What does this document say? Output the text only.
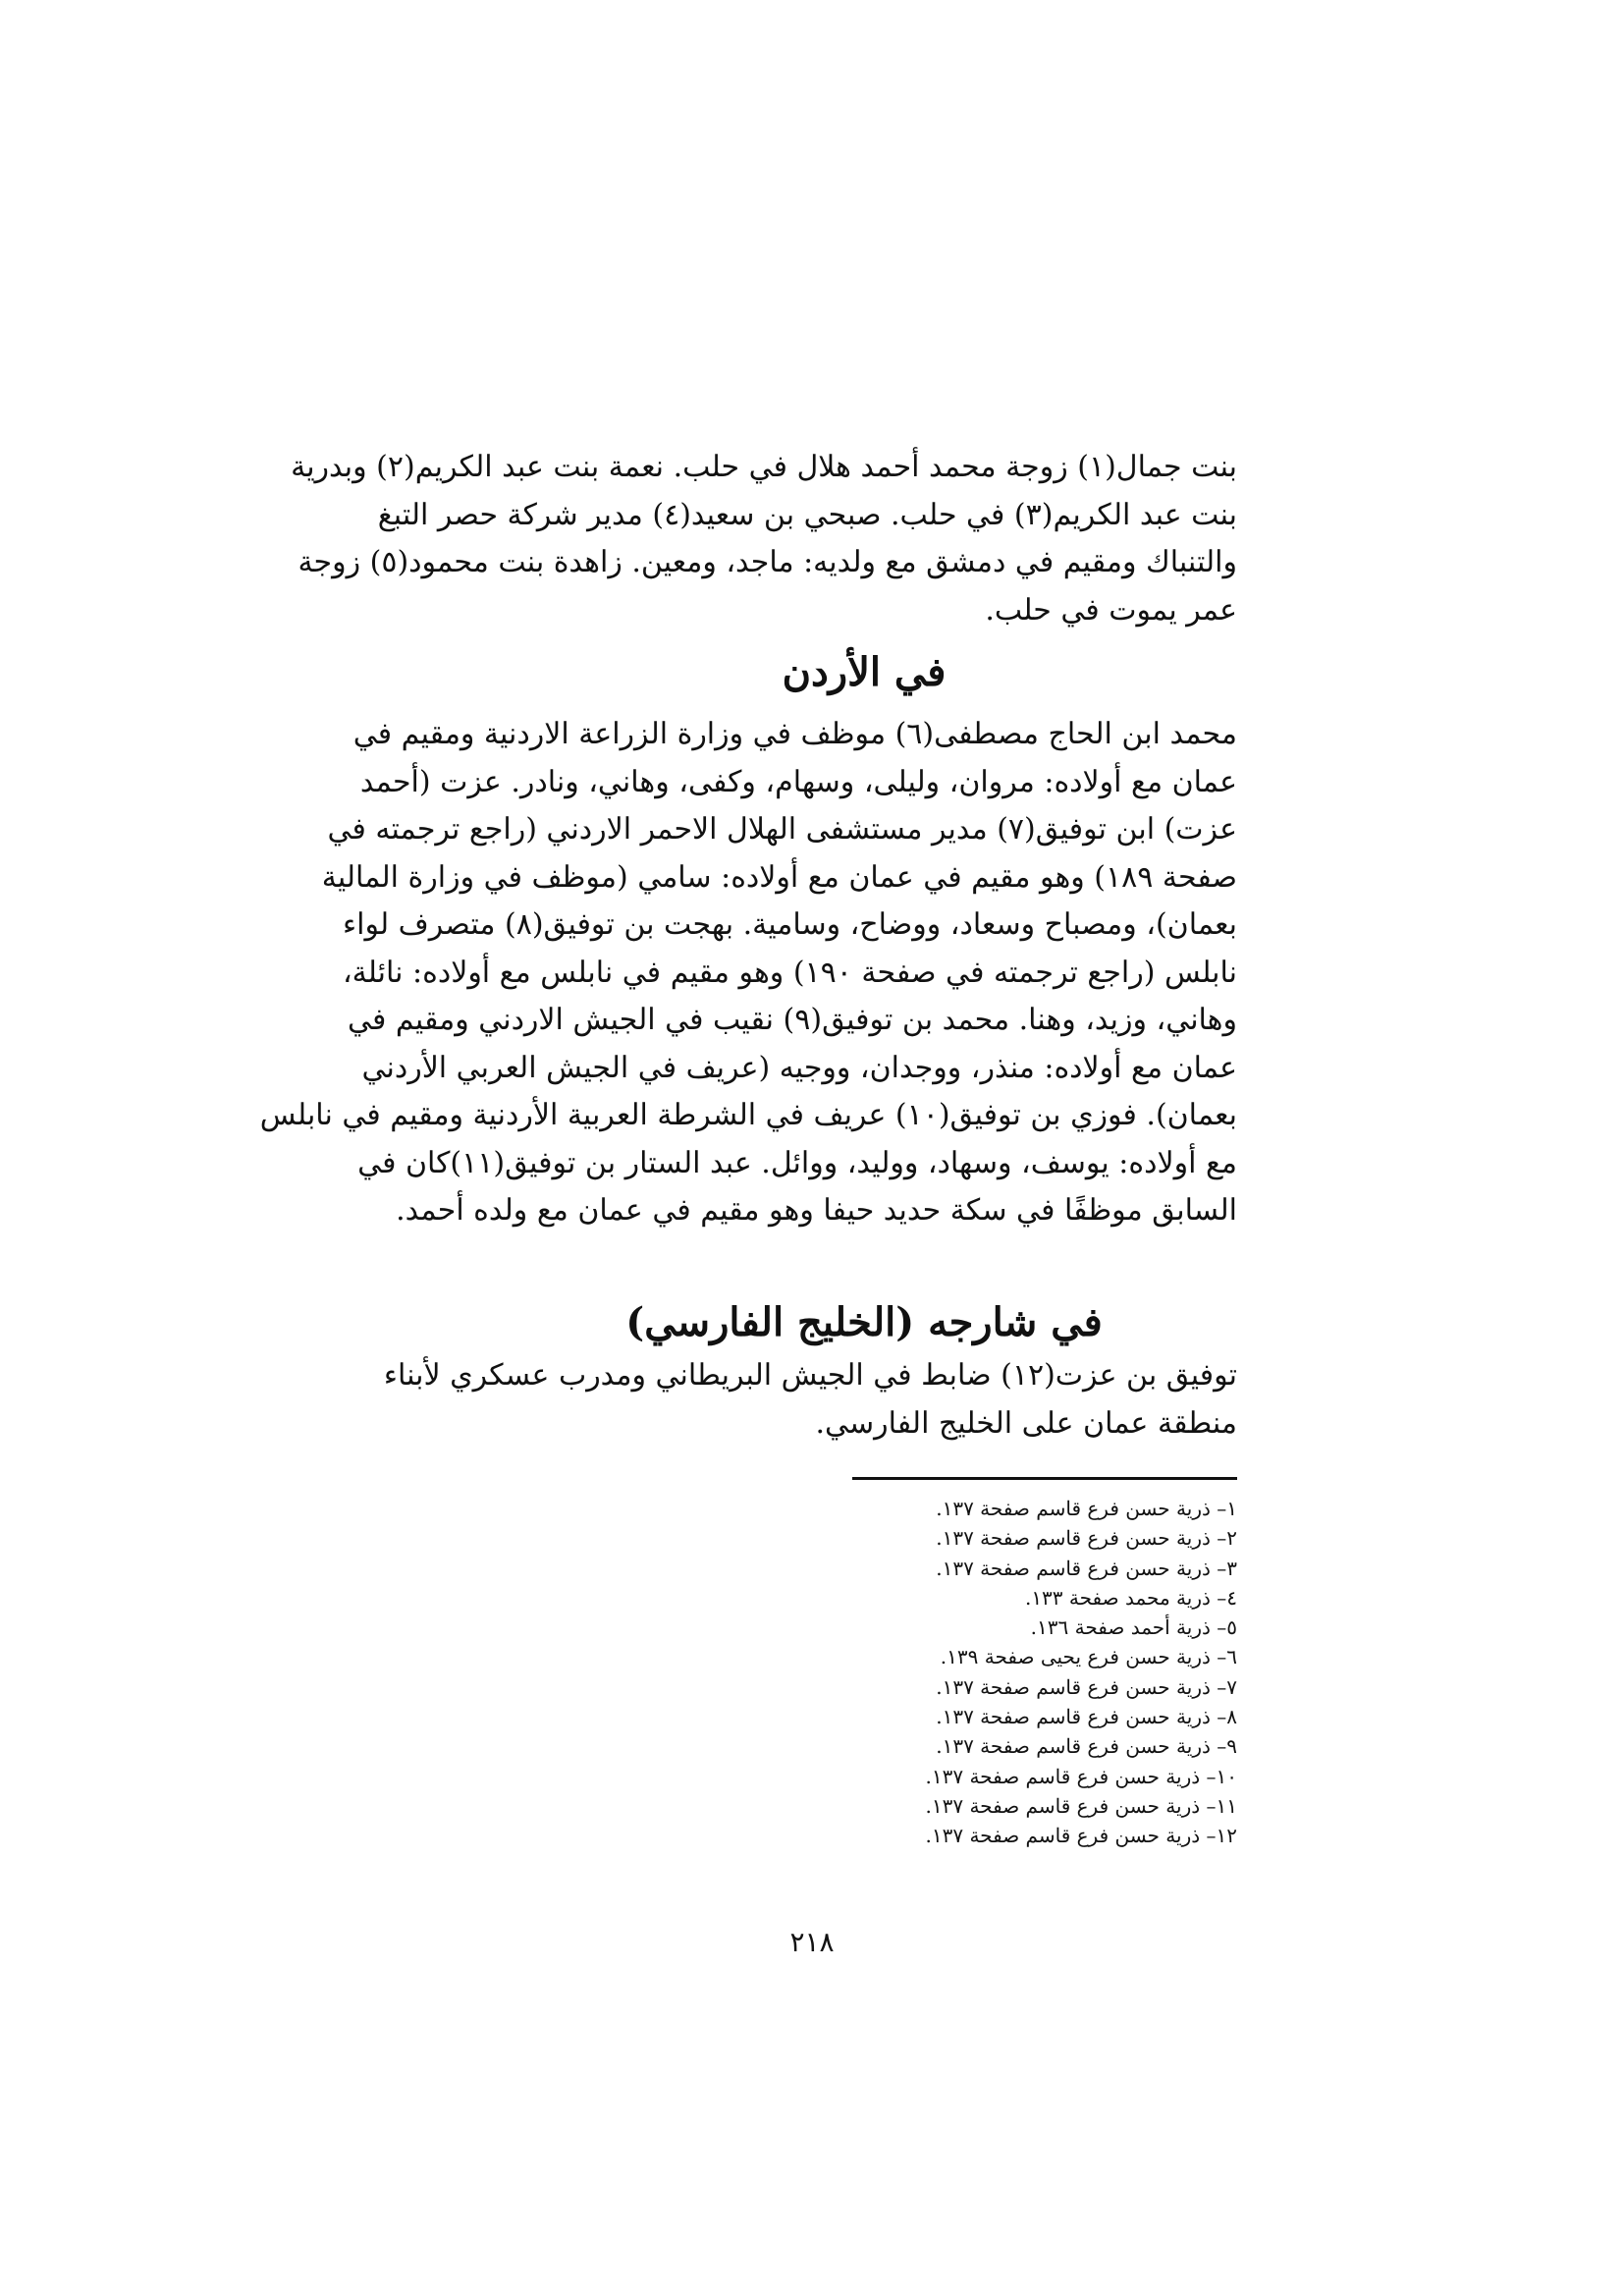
بنت جمال(١) زوجة محمد أحمد هلال في حلب. نعمة بنت عبد الكريم(٢) وبدرية
بنت عبد الكريم(٣) في حلب. صبحي بن سعيد(٤) مدير شركة حصر التبغ
والتنباك ومقيم في دمشق مع ولديه: ماجد، ومعين. زاهدة بنت محمود(٥) زوجة
عمر يموت في حلب.
في الأردن
محمد ابن الحاج مصطفى(٦) موظف في وزارة الزراعة الاردنية ومقيم في
عمان مع أولاده: مروان، وليلى، وسهام، وكفى، وهاني، ونادر. عزت (أحمد
عزت) ابن توفيق(٧) مدير مستشفى الهلال الاحمر الاردني (راجع ترجمته في
صفحة ١٨٩) وهو مقيم في عمان مع أولاده: سامي (موظف في وزارة المالية
بعمان)، ومصباح وسعاد، ووضاح، وسامية. بهجت بن توفيق(٨) متصرف لواء
نابلس (راجع ترجمته في صفحة ١٩٠) وهو مقيم في نابلس مع أولاده: نائلة،
وهاني، وزيد، وهنا. محمد بن توفيق(٩) نقيب في الجيش الاردني ومقيم في
عمان مع أولاده: منذر، ووجدان، ووجيه (عريف في الجيش العربي الأردني
بعمان). فوزي بن توفيق(١٠) عريف في الشرطة العربية الأردنية ومقيم في نابلس
مع أولاده: يوسف، وسهاد، ووليد، ووائل. عبد الستار بن توفيق(١١)كان في
السابق موظفًا في سكة حديد حيفا وهو مقيم في عمان مع ولده أحمد.
في شارجه (الخليج الفارسي)
توفيق بن عزت(١٢) ضابط في الجيش البريطاني ومدرب عسكري لأبناء
منطقة عمان على الخليج الفارسي.
١– ذرية حسن فرع قاسم صفحة ١٣٧.
٢– ذرية حسن فرع قاسم صفحة ١٣٧.
٣– ذرية حسن فرع قاسم صفحة ١٣٧.
٤– ذرية محمد صفحة ١٣٣.
٥– ذرية أحمد صفحة ١٣٦.
٦– ذرية حسن فرع يحيى صفحة ١٣٩.
٧– ذرية حسن فرع قاسم صفحة ١٣٧.
٨– ذرية حسن فرع قاسم صفحة ١٣٧.
٩– ذرية حسن فرع قاسم صفحة ١٣٧.
١٠– ذرية حسن فرع قاسم صفحة ١٣٧.
١١– ذرية حسن فرع قاسم صفحة ١٣٧.
١٢– ذرية حسن فرع قاسم صفحة ١٣٧.
٢١٨
